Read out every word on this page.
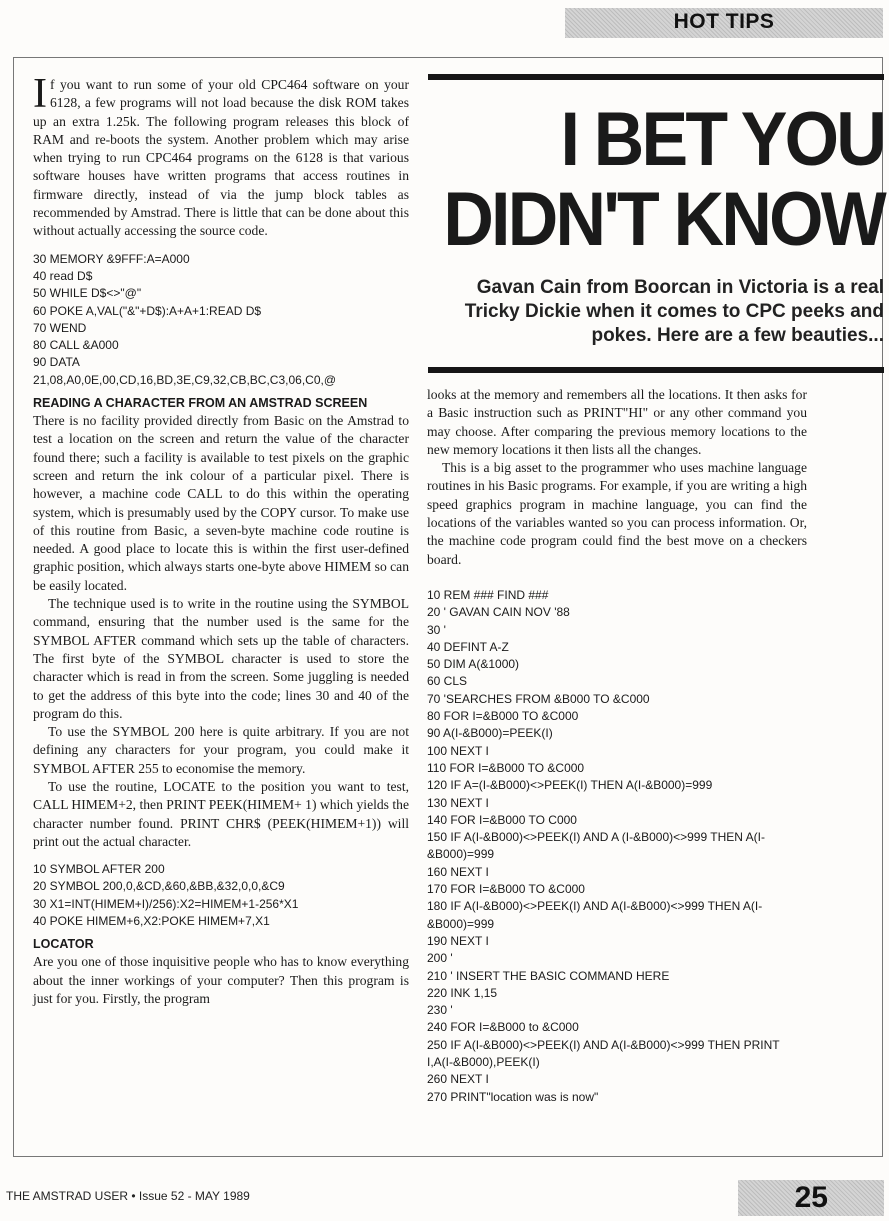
HOT TIPS
I BET YOU
DIDN'T KNOW
Gavan Cain from Boorcan in Victoria is a real Tricky Dickie when it comes to CPC peeks and pokes. Here are a few beauties...

If you want to run some of your old CPC464 software on your 6128, a few programs will not load because the disk ROM takes up an extra 1.25k. The following program releases this block of RAM and re-boots the system. Another problem which may arise when trying to run CPC464 programs on the 6128 is that various software houses have written programs that access routines in firmware directly, instead of via the jump block tables as recommended by Amstrad. There is little that can be done about this without actually accessing the source code.

30 MEMORY &9FFF:A=A000
40 read D$
50 WHILE D$<>"@"
60 POKE A,VAL("&"+D$):A+A+1:READ D$
70 WEND
80 CALL &A000
90 DATA
21,08,A0,0E,00,CD,16,BD,3E,C9,32,CB,BC,C3,06,C0,@
READING A CHARACTER FROM AN AMSTRAD SCREEN

There is no facility provided directly from Basic on the Amstrad to test a location on the screen and return the value of the character found there; such a facility is available to test pixels on the graphic screen and return the ink colour of a particular pixel. There is however, a machine code CALL to do this within the operating system, which is presumably used by the COPY cursor. To make use of this routine from Basic, a seven-byte machine code routine is needed. A good place to locate this is within the first user-defined graphic position, which always starts one-byte above HIMEM so can be easily located.

The technique used is to write in the routine using the SYMBOL command, ensuring that the number used is the same for the SYMBOL AFTER command which sets up the table of characters. The first byte of the SYMBOL character is used to store the character which is read in from the screen. Some juggling is needed to get the address of this byte into the code; lines 30 and 40 of the program do this.

To use the SYMBOL 200 here is quite arbitrary. If you are not defining any characters for your program, you could make it SYMBOL AFTER 255 to economise the memory.

To use the routine, LOCATE to the position you want to test, CALL HIMEM+2, then PRINT PEEK(HIMEM+ 1) which yields the character number found. PRINT CHR$ (PEEK(HIMEM+1)) will print out the actual character.

10 SYMBOL AFTER 200
20 SYMBOL 200,0,&CD,&60,&BB,&32,0,0,&C9
30 X1=INT(HIMEM+I)/256):X2=HIMEM+1-256*X1
40 POKE HIMEM+6,X2:POKE HIMEM+7,X1
LOCATOR

Are you one of those inquisitive people who has to know everything about the inner workings of your computer? Then this program is just for you. Firstly, the program

looks at the memory and remembers all the locations. It then asks for a Basic instruction such as PRINT"HI" or any other command you may choose. After comparing the previous memory locations to the new memory locations it then lists all the changes.

This is a big asset to the programmer who uses machine language routines in his Basic programs. For example, if you are writing a high speed graphics program in machine language, you can find the locations of the variables wanted so you can process information. Or, the machine code program could find the best move on a checkers board.

10 REM ### FIND ###
20 ' GAVAN CAIN NOV '88
30 '
40 DEFINT A-Z
50 DIM A(&1000)
60 CLS
70 'SEARCHES FROM &B000 TO &C000
80 FOR I=&B000 TO &C000
90 A(I-&B000)=PEEK(I)
100 NEXT I
110 FOR I=&B000 TO &C000
120 IF A=(I-&B000)<>PEEK(I) THEN A(I-&B000)=999
130 NEXT I
140 FOR I=&B000 TO C000
150 IF A(I-&B000)<>PEEK(I) AND A (I-&B000)<>999 THEN A(I-&B000)=999
160 NEXT I
170 FOR I=&B000 TO &C000
180 IF A(I-&B000)<>PEEK(I) AND A(I-&B000)<>999 THEN A(I-&B000)=999
190 NEXT I
200 '
210 ' INSERT THE BASIC COMMAND HERE
220 INK 1,15
230 '
240 FOR I=&B000 to &C000
250 IF A(I-&B000)<>PEEK(I) AND A(I-&B000)<>999 THEN PRINT I,A(I-&B000),PEEK(I)
260 NEXT I
270 PRINT"location was is now"
THE AMSTRAD USER • Issue 52 - MAY 1989	25
